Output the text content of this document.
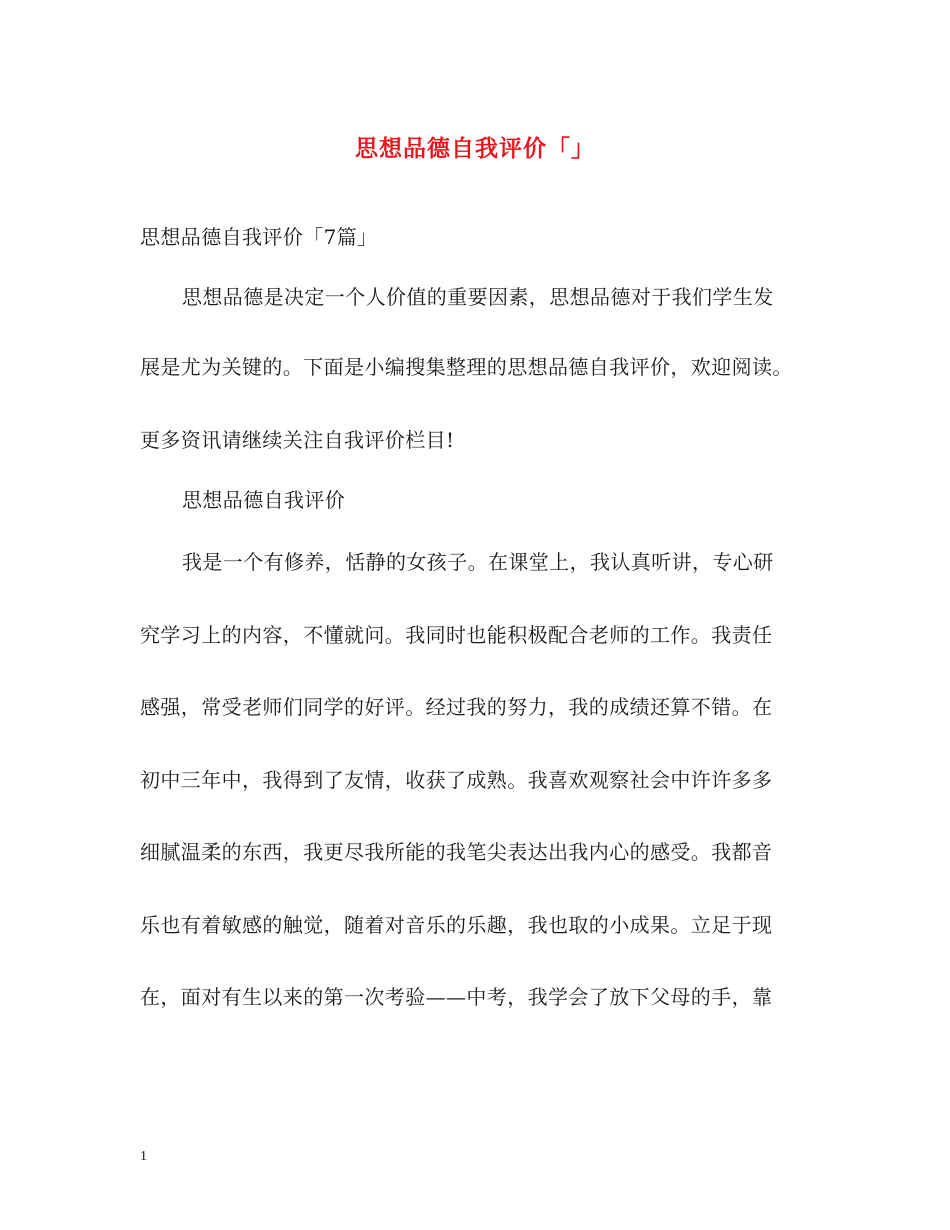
思想品德自我评价「」
思想品德自我评价「7篇」
思想品德是决定一个人价值的重要因素，思想品德对于我们学生发
展是尤为关键的。下面是小编搜集整理的思想品德自我评价，欢迎阅读。
更多资讯请继续关注自我评价栏目!
思想品德自我评价
我是一个有修养，恬静的女孩子。在课堂上，我认真听讲，专心研
究学习上的内容，不懂就问。我同时也能积极配合老师的工作。我责任
感强，常受老师们同学的好评。经过我的努力，我的成绩还算不错。在
初中三年中，我得到了友情，收获了成熟。我喜欢观察社会中许许多多
细腻温柔的东西，我更尽我所能的我笔尖表达出我内心的感受。我都音
乐也有着敏感的触觉，随着对音乐的乐趣，我也取的小成果。立足于现
在，面对有生以来的第一次考验——中考，我学会了放下父母的手，靠
1
